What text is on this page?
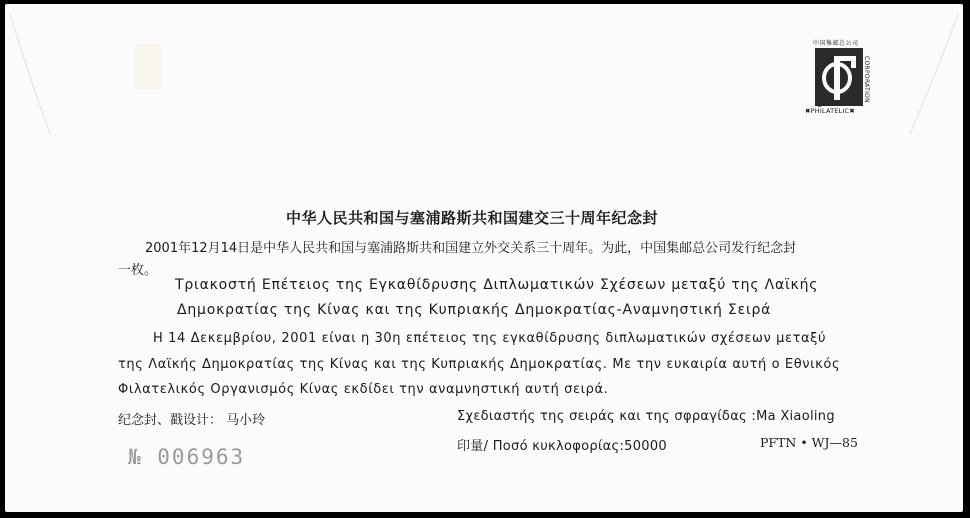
中国集邮总公司
CORPORATION
✖PHILATELIC✖
中华人民共和国与塞浦路斯共和国建交三十周年纪念封
2001年12月14日是中华人民共和国与塞浦路斯共和国建立外交关系三十周年。为此，中国集邮总公司发行纪念封
一枚。
Τριακοστή Επέτειος της Εγκαθίδρυσης Διπλωματικών Σχέσεων μεταξύ της Λαϊκής
Δημοκρατίας της Κίνας και της Κυπριακής Δημοκρατίας-Αναμνηστική Σειρά
Η 14 Δεκεμβρίου, 2001 είναι η 30η επέτειος της εγκαθίδρυσης διπλωματικών σχέσεων μεταξύ
της Λαϊκής Δημοκρατίας της Κίνας και της Κυπριακής Δημοκρατίας. Με την ευκαιρία αυτή ο Εθνικός
Φιλατελικός Οργανισμός Κίνας εκδίδει την αναμνηστική αυτή σειρά.
纪念封、戳设计： 马小玲	Σχεδιαστής της σειράς και της σφραγίδας :Ma Xiaoling
印量/ Ποσό κυκλοφορίας:50000	PFTN • WJ—85
№ 006963
